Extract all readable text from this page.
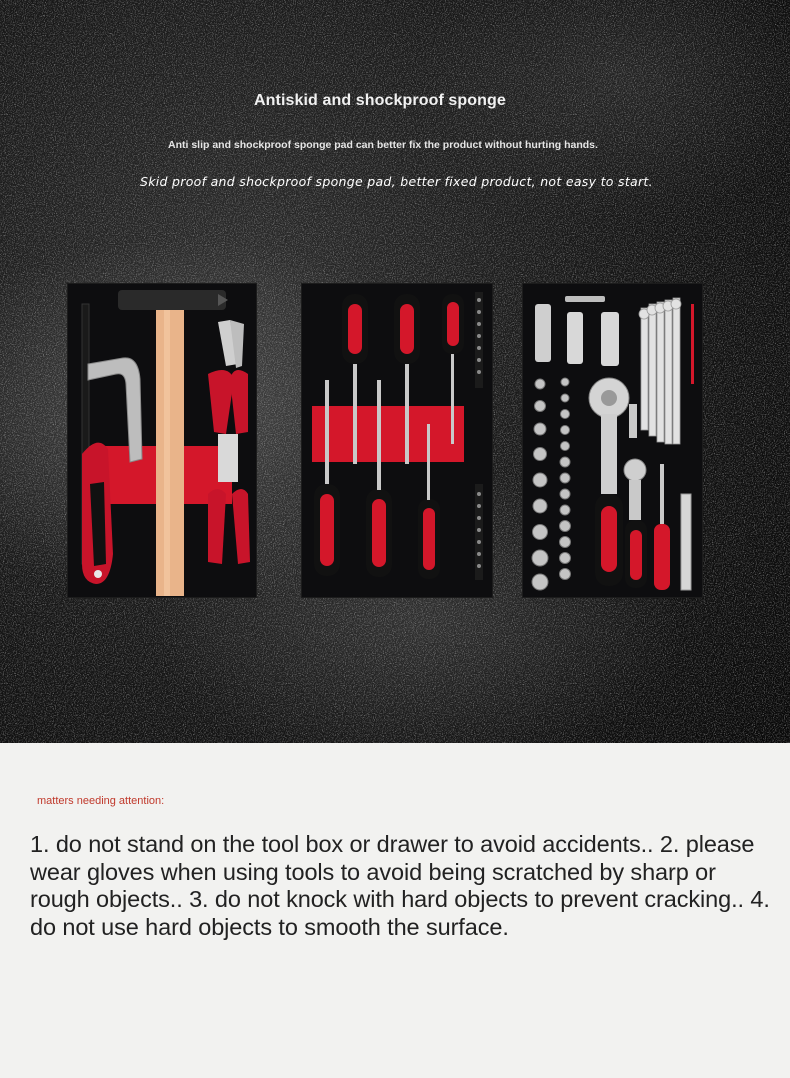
Antiskid and shockproof sponge
Anti slip and shockproof sponge pad can better fix the product without hurting hands.
Skid proof and shockproof sponge pad, better fixed product, not easy to start.
matters needing attention:
1. do not stand on the tool box or drawer to avoid accidents.. 2. please wear gloves when using tools to avoid being scratched by sharp or rough objects.. 3. do not knock with hard objects to prevent cracking.. 4. do not use hard objects to smooth the surface.
